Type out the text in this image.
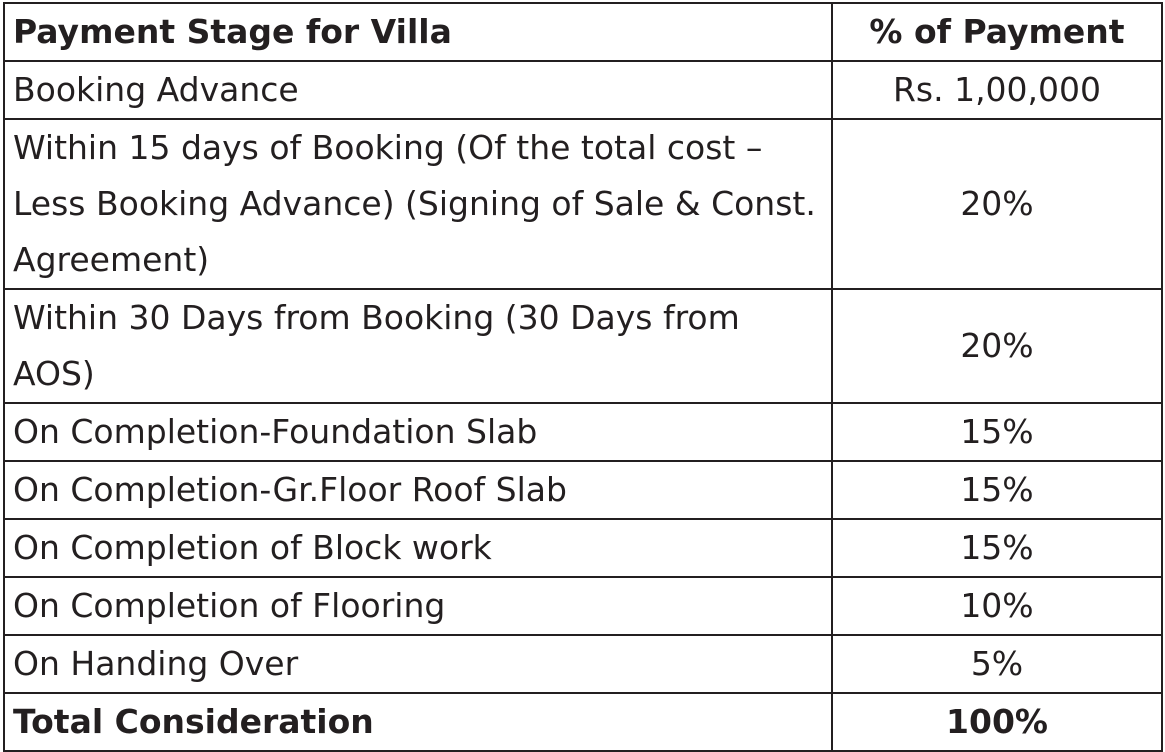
Payment Stage for Villa	% of Payment
Booking Advance	Rs. 1,00,000
Within 15 days of Booking (Of the total cost – Less Booking Advance) (Signing of Sale & Const. Agreement)	20%
Within 30 Days from Booking (30 Days from AOS)	20%
On Completion-Foundation Slab	15%
On Completion-Gr.Floor Roof Slab	15%
On Completion of Block work	15%
On Completion of Flooring	10%
On Handing Over	5%
Total Consideration	100%
